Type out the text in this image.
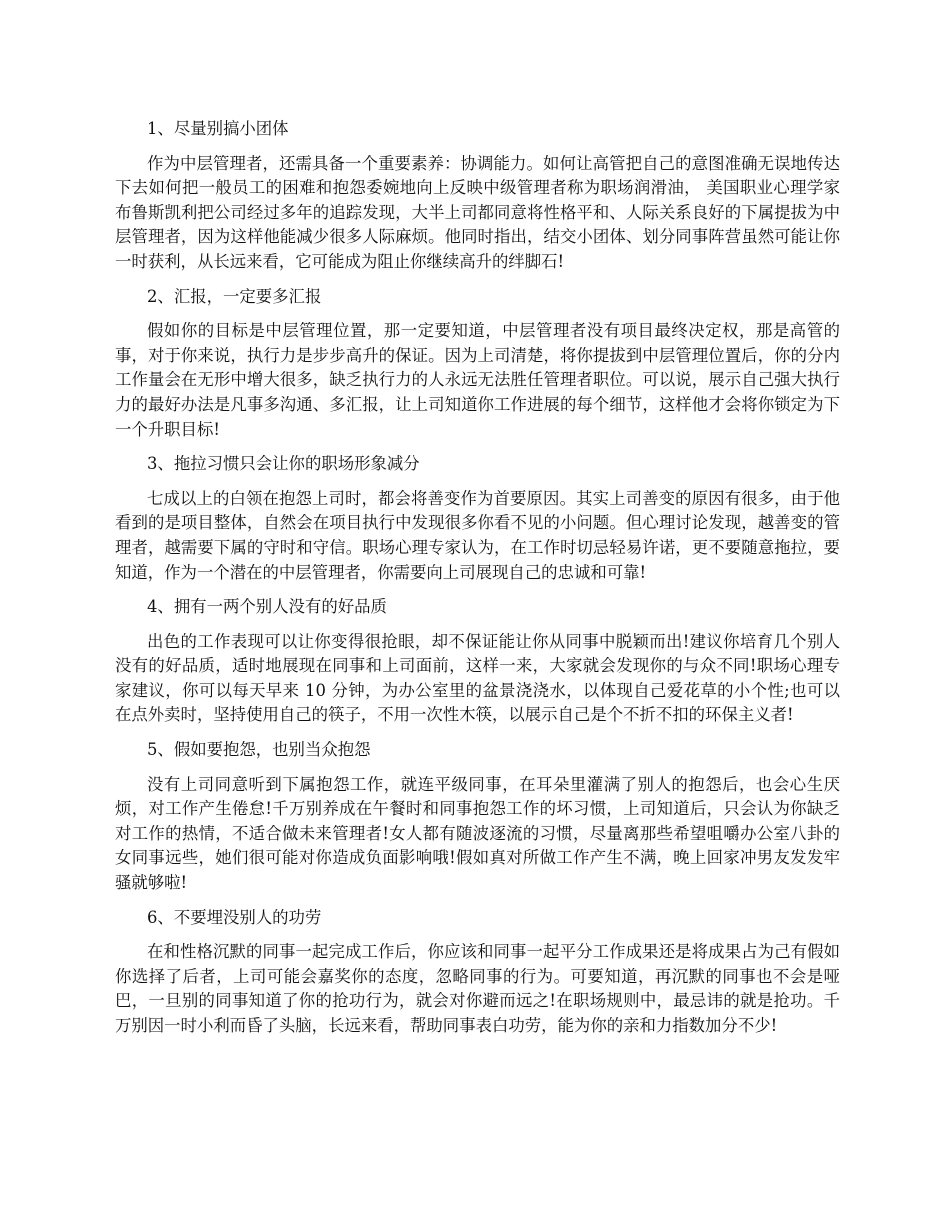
1、尽量别搞小团体

作为中层管理者，还需具备一个重要素养：协调能力。如何让高管把自己的意图准确无误地传达下去如何把一般员工的困难和抱怨委婉地向上反映中级管理者称为职场润滑油， 美国职业心理学家布鲁斯凯利把公司经过多年的追踪发现，大半上司都同意将性格平和、人际关系良好的下属提拔为中层管理者，因为这样他能减少很多人际麻烦。他同时指出，结交小团体、划分同事阵营虽然可能让你一时获利，从长远来看，它可能成为阻止你继续高升的绊脚石!

2、汇报，一定要多汇报

假如你的目标是中层管理位置，那一定要知道，中层管理者没有项目最终决定权，那是高管的事，对于你来说，执行力是步步高升的保证。因为上司清楚，将你提拔到中层管理位置后，你的分内工作量会在无形中增大很多，缺乏执行力的人永远无法胜任管理者职位。可以说，展示自己强大执行力的最好办法是凡事多沟通、多汇报，让上司知道你工作进展的每个细节，这样他才会将你锁定为下一个升职目标!

3、拖拉习惯只会让你的职场形象减分

七成以上的白领在抱怨上司时，都会将善变作为首要原因。其实上司善变的原因有很多，由于他看到的是项目整体，自然会在项目执行中发现很多你看不见的小问题。但心理讨论发现，越善变的管理者，越需要下属的守时和守信。职场心理专家认为，在工作时切忌轻易许诺，更不要随意拖拉，要知道，作为一个潜在的中层管理者，你需要向上司展现自己的忠诚和可靠!

4、拥有一两个别人没有的好品质

出色的工作表现可以让你变得很抢眼，却不保证能让你从同事中脱颖而出!建议你培育几个别人没有的好品质，适时地展现在同事和上司面前，这样一来，大家就会发现你的与众不同!职场心理专家建议，你可以每天早来 10 分钟，为办公室里的盆景浇浇水，以体现自己爱花草的小个性;也可以在点外卖时，坚持使用自己的筷子，不用一次性木筷，以展示自己是个不折不扣的环保主义者!

5、假如要抱怨，也别当众抱怨

没有上司同意听到下属抱怨工作，就连平级同事，在耳朵里灌满了别人的抱怨后，也会心生厌烦，对工作产生倦怠!千万别养成在午餐时和同事抱怨工作的坏习惯，上司知道后，只会认为你缺乏对工作的热情，不适合做未来管理者!女人都有随波逐流的习惯，尽量离那些希望咀嚼办公室八卦的女同事远些，她们很可能对你造成负面影响哦!假如真对所做工作产生不满，晚上回家冲男友发发牢骚就够啦!

6、不要埋没别人的功劳

在和性格沉默的同事一起完成工作后，你应该和同事一起平分工作成果还是将成果占为己有假如你选择了后者，上司可能会嘉奖你的态度，忽略同事的行为。可要知道，再沉默的同事也不会是哑巴，一旦别的同事知道了你的抢功行为，就会对你避而远之!在职场规则中，最忌讳的就是抢功。千万别因一时小利而昏了头脑，长远来看，帮助同事表白功劳，能为你的亲和力指数加分不少!
